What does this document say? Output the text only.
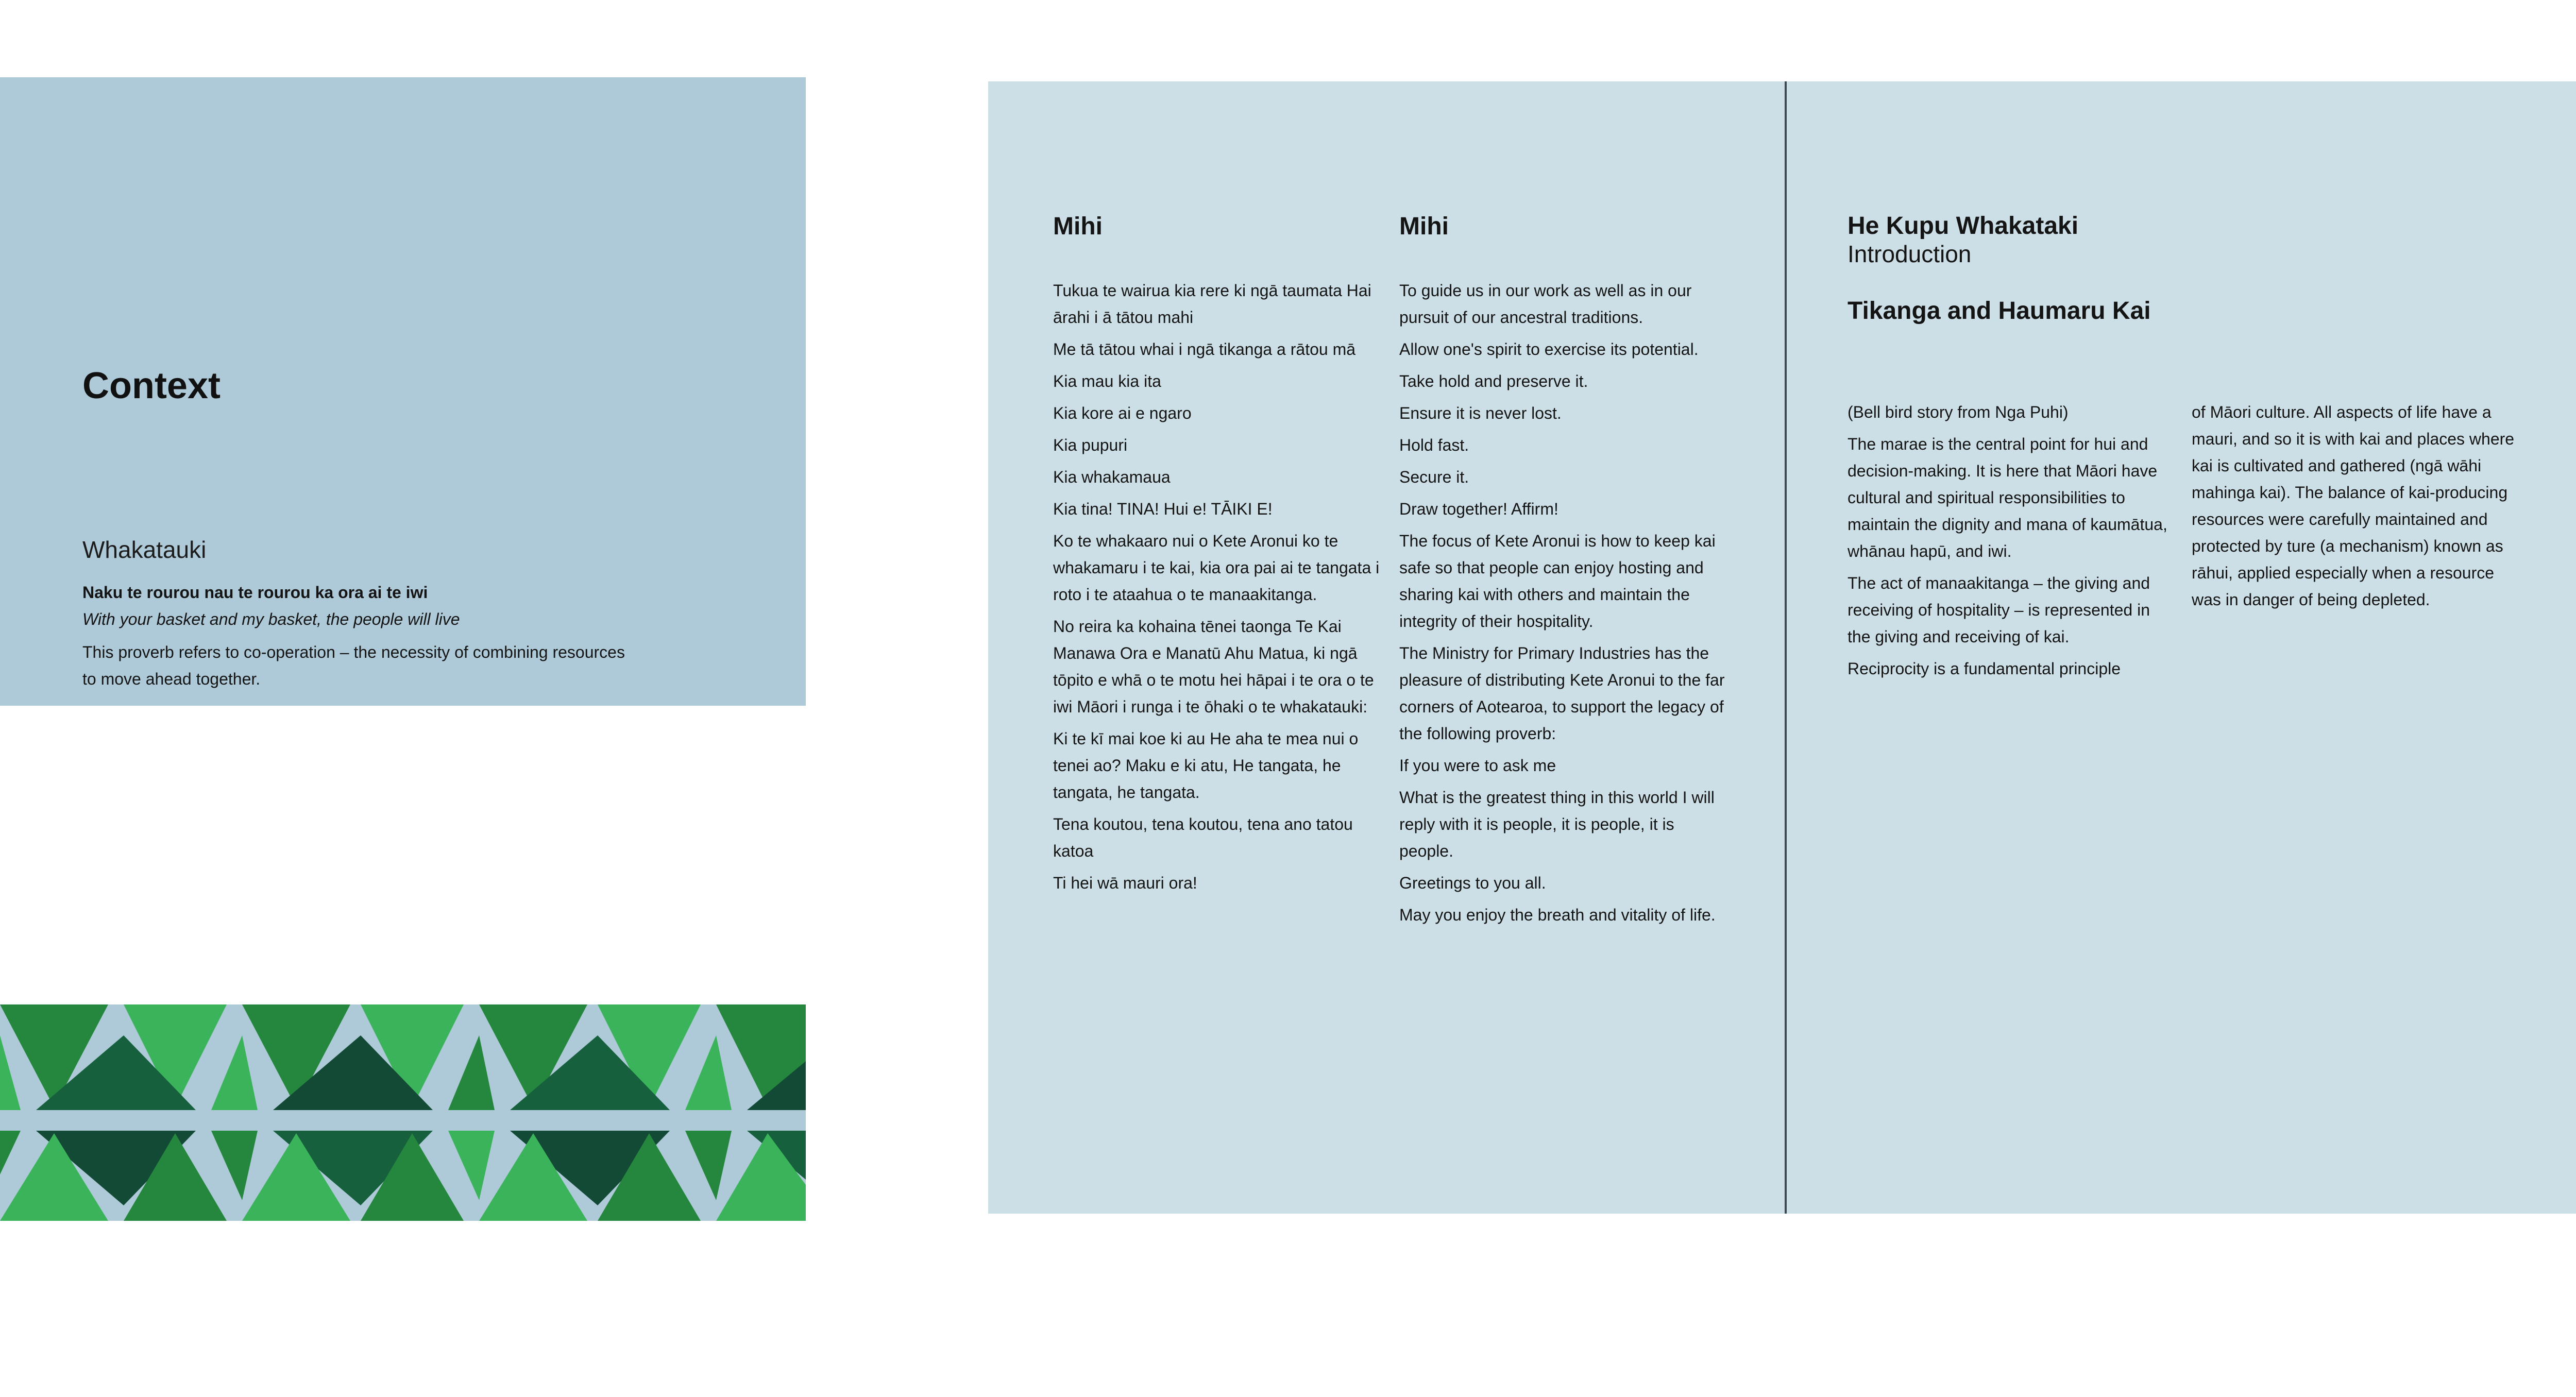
Context
Whakatauki

Naku te rourou nau te rourou ka ora ai te iwi

With your basket and my basket, the people will live

This proverb refers to co-operation – the necessity of combining resources to move ahead together.

Mihi

Tukua te wairua kia rere ki ngā taumata Hai ārahi i ā tātou mahi

Me tā tātou whai i ngā tikanga a rātou mā

Kia mau kia ita

Kia kore ai e ngaro

Kia pupuri

Kia whakamaua

Kia tina! TINA! Hui e! TĀIKI E!

Ko te whakaaro nui o Kete Aronui ko te whakamaru i te kai, kia ora pai ai te tangata i roto i te ataahua o te manaakitanga.

No reira ka kohaina tēnei taonga Te Kai Manawa Ora e Manatū Ahu Matua, ki ngā tōpito e whā o te motu hei hāpai i te ora o te iwi Māori i runga i te ōhaki o te whakatauki:

Ki te kī mai koe ki au He aha te mea nui o tenei ao? Maku e ki atu, He tangata, he tangata, he tangata.

Tena koutou, tena koutou, tena ano tatou katoa

Ti hei wā mauri ora!

Mihi

To guide us in our work as well as in our pursuit of our ancestral traditions.

Allow one's spirit to exercise its potential.

Take hold and preserve it.

Ensure it is never lost.

Hold fast.

Secure it.

Draw together! Affirm!

The focus of Kete Aronui is how to keep kai safe so that people can enjoy hosting and sharing kai with others and maintain the integrity of their hospitality.

The Ministry for Primary Industries has the pleasure of distributing Kete Aronui to the far corners of Aotearoa, to support the legacy of the following proverb:

If you were to ask me

What is the greatest thing in this world I will reply with it is people, it is people, it is people.

Greetings to you all.

May you enjoy the breath and vitality of life.

He Kupu Whakataki
Introduction
Tikanga and Haumaru Kai

(Bell bird story from Nga Puhi)

The marae is the central point for hui and decision-making. It is here that Māori have cultural and spiritual responsibilities to maintain the dignity and mana of kaumātua, whānau hapū, and iwi.

The act of manaakitanga – the giving and receiving of hospitality – is represented in the giving and receiving of kai.

Reciprocity is a fundamental principle

of Māori culture. All aspects of life have a mauri, and so it is with kai and places where kai is cultivated and gathered (ngā wāhi mahinga kai). The balance of kai-producing resources were carefully maintained and protected by ture (a mechanism) known as rāhui, applied especially when a resource was in danger of being depleted.
